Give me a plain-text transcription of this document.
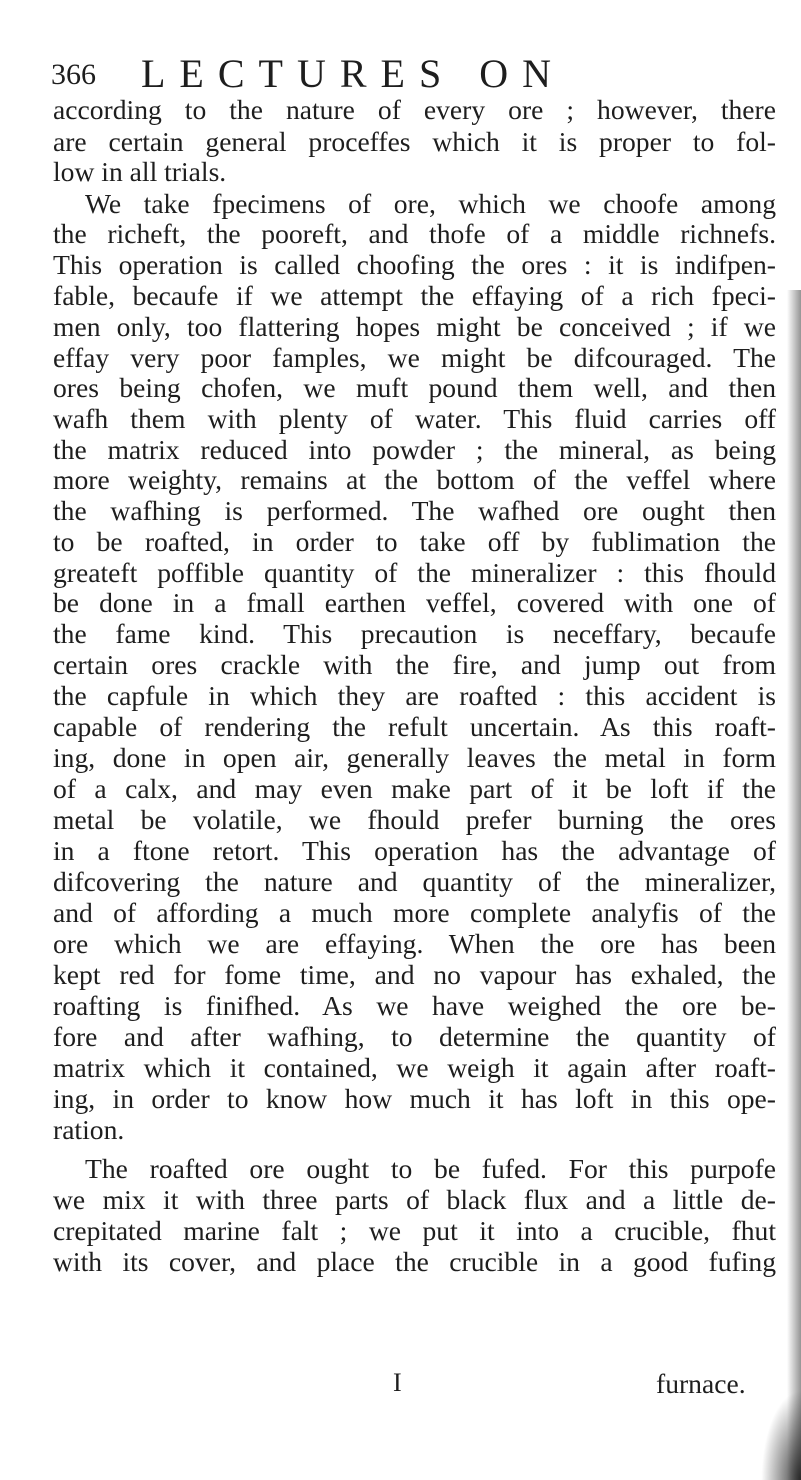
366 LECTURES ON
according to the nature of every ore ; however, there
are certain general proceffes which it is proper to fol-
low in all trials.
We take fpecimens of ore, which we choofe among
the richeft, the pooreft, and thofe of a middle richnefs.
This operation is called choofing the ores : it is indifpen-
fable, becaufe if we attempt the effaying of a rich fpeci-
men only, too flattering hopes might be conceived ; if we
effay very poor famples, we might be difcouraged. The
ores being chofen, we muft pound them well, and then
wafh them with plenty of water. This fluid carries off
the matrix reduced into powder ; the mineral, as being
more weighty, remains at the bottom of the veffel where
the wafhing is performed. The wafhed ore ought then
to be roafted, in order to take off by fublimation the
greateft poffible quantity of the mineralizer : this fhould
be done in a fmall earthen veffel, covered with one of
the fame kind. This precaution is neceffary, becaufe
certain ores crackle with the fire, and jump out from
the capfule in which they are roafted : this accident is
capable of rendering the refult uncertain. As this roaft-
ing, done in open air, generally leaves the metal in form
of a calx, and may even make part of it be loft if the
metal be volatile, we fhould prefer burning the ores
in a ftone retort. This operation has the advantage of
difcovering the nature and quantity of the mineralizer,
and of affording a much more complete analyfis of the
ore which we are effaying. When the ore has been
kept red for fome time, and no vapour has exhaled, the
roafting is finifhed. As we have weighed the ore be-
fore and after wafhing, to determine the quantity of
matrix which it contained, we weigh it again after roaft-
ing, in order to know how much it has loft in this ope-
ration.
The roafted ore ought to be fufed. For this purpofe
we mix it with three parts of black flux and a little de-
crepitated marine falt ; we put it into a crucible, fhut
with its cover, and place the crucible in a good fufing
I	furnace.
